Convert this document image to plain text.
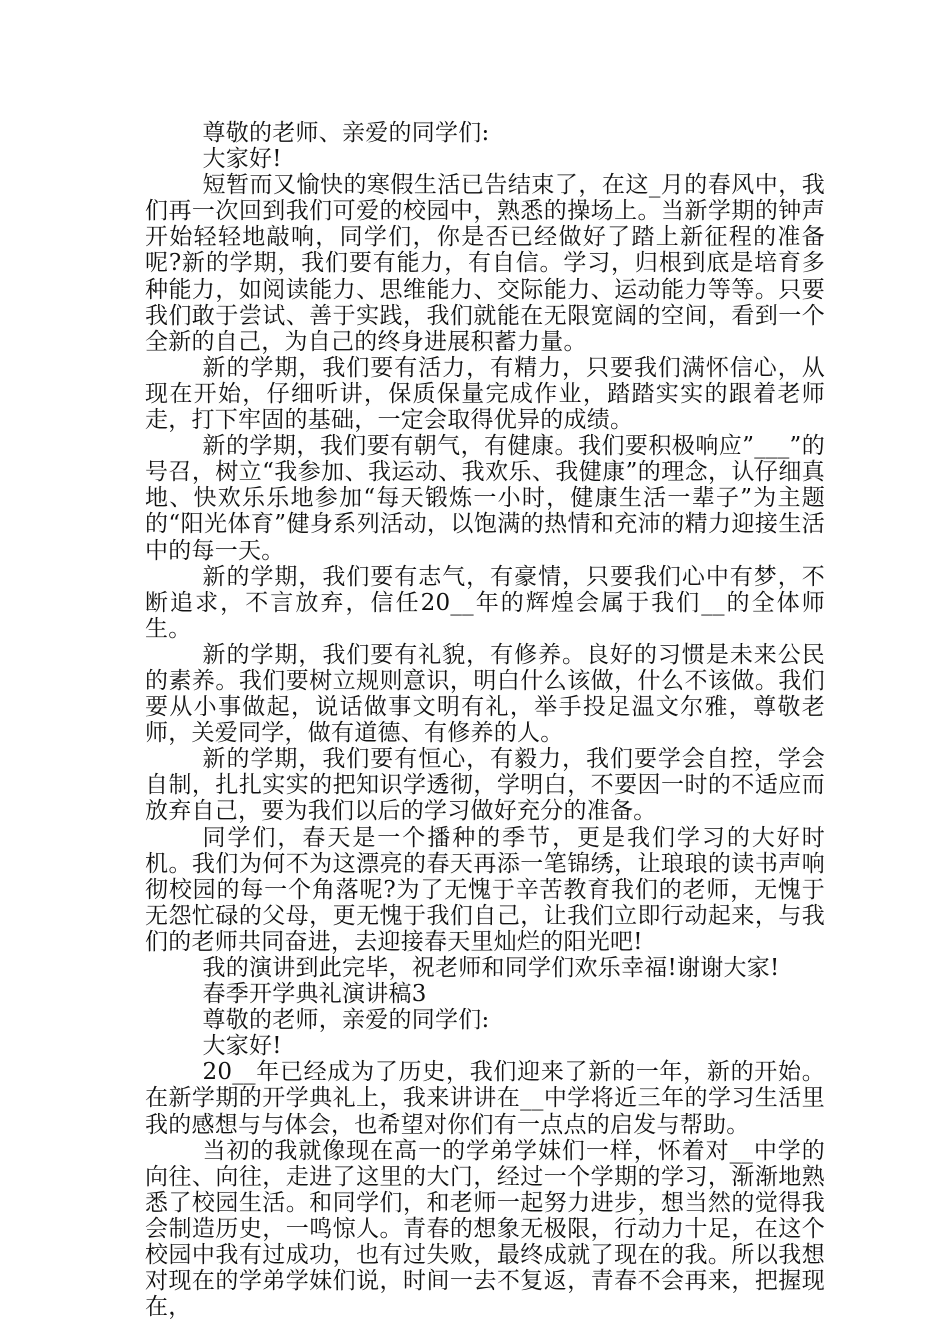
尊敬的老师、亲爱的同学们:

大家好!

短暂而又愉快的寒假生活已告结束了，在这_月的春风中，我们再一次回到我们可爱的校园中，熟悉的操场上。当新学期的钟声开始轻轻地敲响，同学们，你是否已经做好了踏上新征程的准备呢?新的学期，我们要有能力，有自信。学习，归根到底是培育多种能力，如阅读能力、思维能力、交际能力、运动能力等等。只要我们敢于尝试、善于实践，我们就能在无限宽阔的空间，看到一个全新的自己，为自己的终身进展积蓄力量。

新的学期，我们要有活力，有精力，只要我们满怀信心，从现在开始，仔细听讲，保质保量完成作业，踏踏实实的跟着老师走，打下牢固的基础，一定会取得优异的成绩。

新的学期，我们要有朝气，有健康。我们要积极响应”___”的号召，树立“我参加、我运动、我欢乐、我健康”的理念，认仔细真地、快欢乐乐地参加“每天锻炼一小时，健康生活一辈子”为主题的“阳光体育”健身系列活动，以饱满的热情和充沛的精力迎接生活中的每一天。

新的学期，我们要有志气，有豪情，只要我们心中有梦，不断追求，不言放弃，信任20__年的辉煌会属于我们__的全体师生。

新的学期，我们要有礼貌，有修养。良好的习惯是未来公民的素养。我们要树立规则意识，明白什么该做，什么不该做。我们要从小事做起，说话做事文明有礼，举手投足温文尔雅，尊敬老师，关爱同学，做有道德、有修养的人。

新的学期，我们要有恒心，有毅力，我们要学会自控，学会自制，扎扎实实的把知识学透彻，学明白，不要因一时的不适应而放弃自己，要为我们以后的学习做好充分的准备。

同学们，春天是一个播种的季节，更是我们学习的大好时机。我们为何不为这漂亮的春天再添一笔锦绣，让琅琅的读书声响彻校园的每一个角落呢?为了无愧于辛苦教育我们的老师，无愧于无怨忙碌的父母，更无愧于我们自己，让我们立即行动起来，与我们的老师共同奋进，去迎接春天里灿烂的阳光吧!

我的演讲到此完毕，祝老师和同学们欢乐幸福!谢谢大家!

春季开学典礼演讲稿3

尊敬的老师，亲爱的同学们:

大家好!

20__年已经成为了历史，我们迎来了新的一年，新的开始。在新学期的开学典礼上，我来讲讲在__中学将近三年的学习生活里我的感想与与体会，也希望对你们有一点点的启发与帮助。

当初的我就像现在高一的学弟学妹们一样，怀着对__中学的向往、向往，走进了这里的大门，经过一个学期的学习，渐渐地熟悉了校园生活。和同学们，和老师一起努力进步，想当然的觉得我会制造历史，一鸣惊人。青春的想象无极限，行动力十足，在这个校园中我有过成功，也有过失败，最终成就了现在的我。所以我想对现在的学弟学妹们说，时间一去不复返，青春不会再来，把握现在，
